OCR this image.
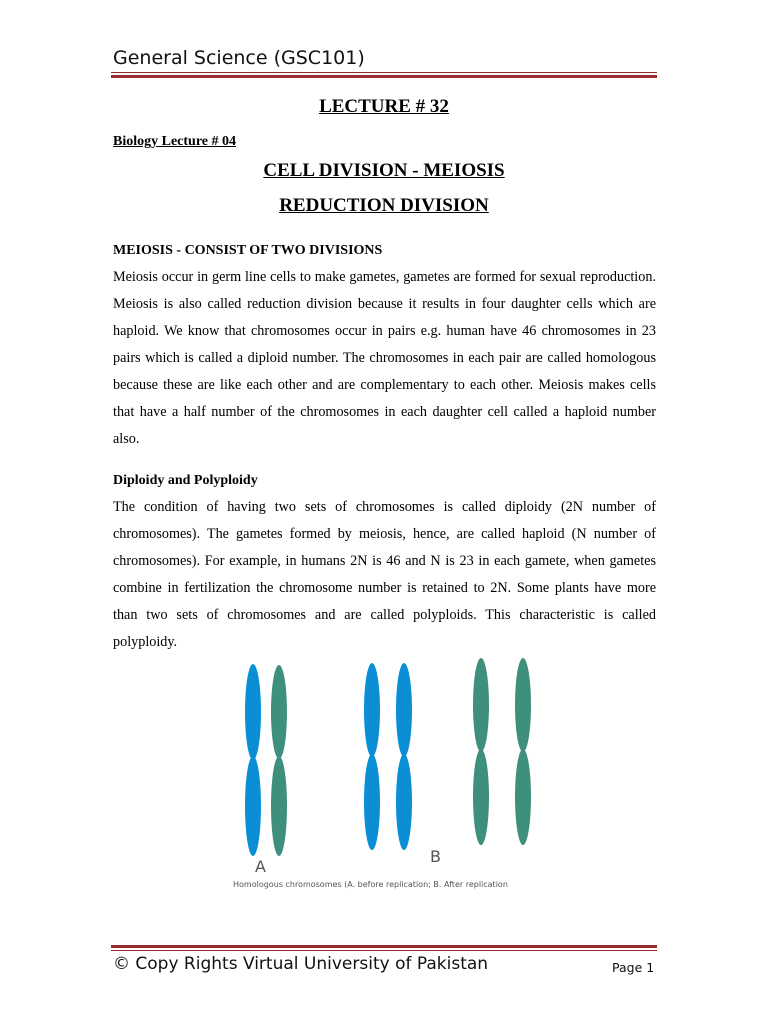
General Science (GSC101)
LECTURE # 32
Biology Lecture # 04
CELL DIVISION - MEIOSIS
REDUCTION DIVISION
MEIOSIS - CONSIST OF TWO DIVISIONS
Meiosis occur in germ line cells to make gametes, gametes are formed for sexual reproduction. Meiosis is also called reduction division because it results in four daughter cells which are haploid. We know that chromosomes occur in pairs e.g. human have 46 chromosomes in 23 pairs which is called a diploid number. The chromosomes in each pair are called homologous because these are like each other and are complementary to each other. Meiosis makes cells that have a half number of the chromosomes in each daughter cell called a haploid number also.
Diploidy and Polyploidy
The condition of having two sets of chromosomes is called diploidy (2N number of chromosomes). The gametes formed by meiosis, hence, are called haploid (N number of chromosomes). For example, in humans 2N is 46 and N is 23 in each gamete, when gametes combine in fertilization the chromosome number is retained to 2N. Some plants have more than two sets of chromosomes and are called polyploids. This characteristic is called polyploidy.
A
B
Homologous chromosomes (A. before replication; B. After replication
© Copy Rights Virtual University of Pakistan	Page 1
